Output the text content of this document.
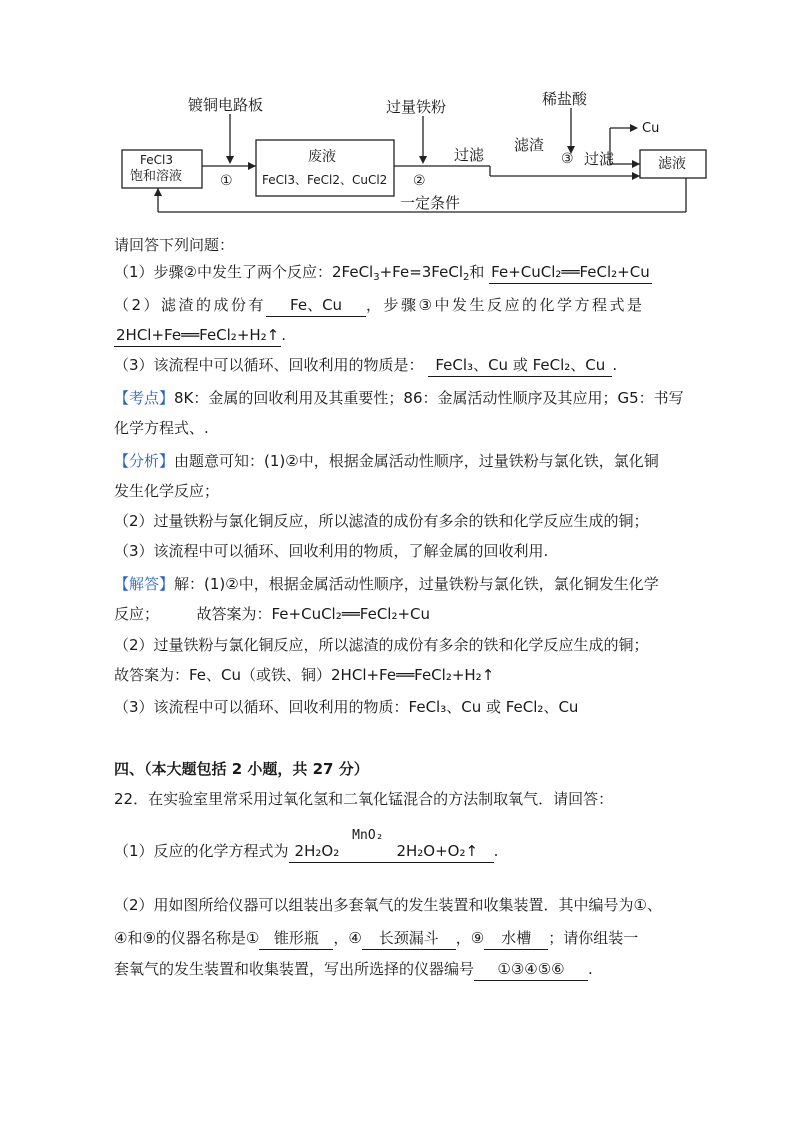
FeCl3
饱和溶液
废液
FeCl3、FeCl2、CuCl2
滤液
镀铜电路板	过量铁粉	稀盐酸
①	②
③
过滤
滤渣
过滤
Cu
一定条件
请回答下列问题：
（1）步骤②中发生了两个反应：2FeCl$_3$+Fe=3FeCl$_2$和 Fe+CuCl₂══FeCl₂+Cu
（2）滤渣的成份有 Fe、Cu ，步骤③中发生反应的化学方程式是
2HCl+Fe══FeCl₂+H₂↑ .
（3）该流程中可以循环、回收利用的物质是： FeCl₃、Cu 或 FeCl₂、Cu .
【考点】8K：金属的回收利用及其重要性；86：金属活动性顺序及其应用；G5：书写
化学方程式、.
【分析】由题意可知：(1)②中，根据金属活动性顺序，过量铁粉与氯化铁，氯化铜
发生化学反应；
（2）过量铁粉与氯化铜反应，所以滤渣的成份有多余的铁和化学反应生成的铜；
（3）该流程中可以循环、回收利用的物质，了解金属的回收利用.
【解答】解：(1)②中，根据金属活动性顺序，过量铁粉与氯化铁，氯化铜发生化学
反应；　　　故答案为：Fe+CuCl₂══FeCl₂+Cu
（2）过量铁粉与氯化铜反应，所以滤渣的成份有多余的铁和化学反应生成的铜；
故答案为：Fe、Cu（或铁、铜）2HCl+Fe══FeCl₂+H₂↑
（3）该流程中可以循环、回收利用的物质：FeCl₃、Cu 或 FeCl₂、Cu
四、（本大题包括 2 小题，共 27 分）
22．在实验室里常采用过氧化氢和二氧化锰混合的方法制取氧气．请回答：
（1）反应的化学方程式为 2H₂O₂
MnO₂
2H₂O+O₂↑ .
（2）用如图所给仪器可以组装出多套氧气的发生装置和收集装置．其中编号为①、
④和⑨的仪器名称是① 锥形瓶 ，④ 长颈漏斗 ，⑨ 水槽 ；请你组装一
套氧气的发生装置和收集装置，写出所选择的仪器编号 ①③④⑤⑥ .
